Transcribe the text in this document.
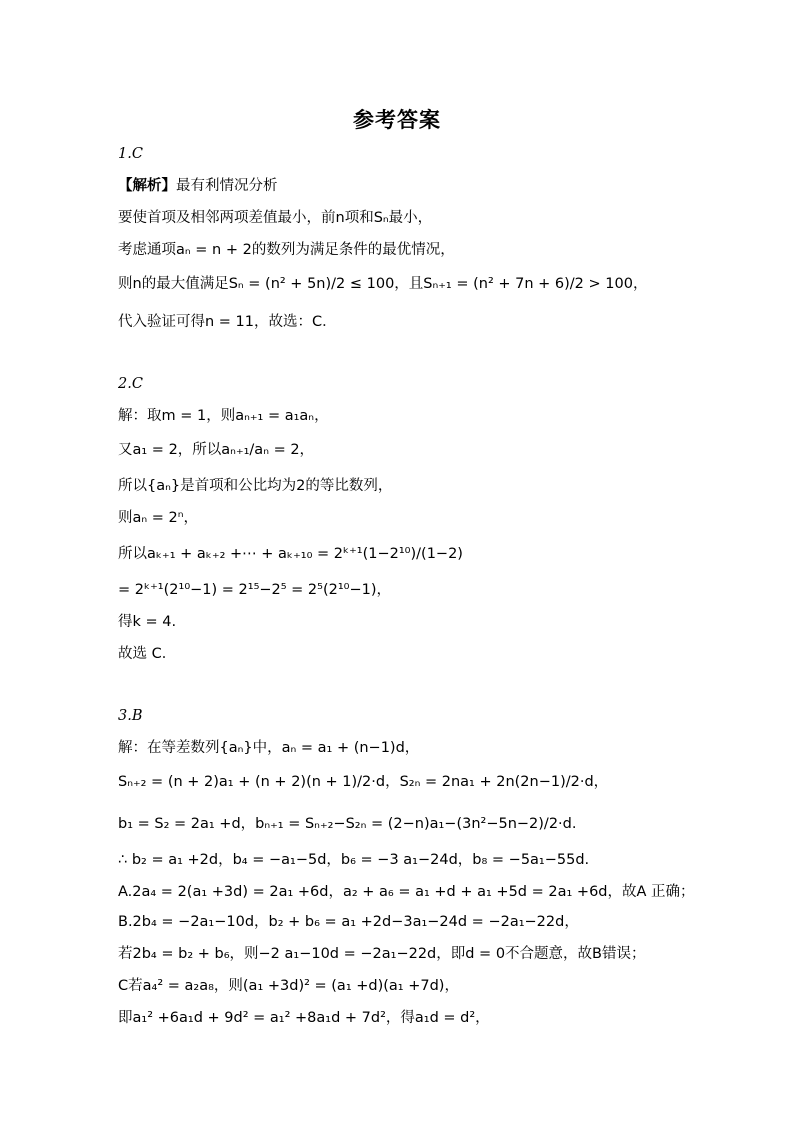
参考答案
1.C
【解析】最有利情况分析
要使首项及相邻两项差值最小，前n项和Sₙ最小，
考虑通项aₙ = n + 2的数列为满足条件的最优情况，
则n的最大值满足Sₙ = (n² + 5n)/2 ≤ 100，且Sₙ₊₁ = (n² + 7n + 6)/2 > 100，
代入验证可得n = 11，故选：C．
2.C
解：取m = 1，则aₙ₊₁ = a₁aₙ，
又a₁ = 2，所以aₙ₊₁/aₙ = 2，
所以{aₙ}是首项和公比均为2的等比数列，
则aₙ = 2ⁿ，
所以aₖ₊₁ + aₖ₊₂ +⋯ + aₖ₊₁₀ = 2ᵏ⁺¹(1−2¹⁰)/(1−2)
= 2ᵏ⁺¹(2¹⁰−1) = 2¹⁵−2⁵ = 2⁵(2¹⁰−1)，
得k = 4.
故选 C．
3.B
解：在等差数列{aₙ}中，aₙ = a₁ + (n−1)d，
Sₙ₊₂ = (n + 2)a₁ + (n + 2)(n + 1)/2·d，S₂ₙ = 2na₁ + 2n(2n−1)/2·d，
b₁ = S₂ = 2a₁ +d，bₙ₊₁ = Sₙ₊₂−S₂ₙ = (2−n)a₁−(3n²−5n−2)/2·d.
∴ b₂ = a₁ +2d，b₄ = −a₁−5d，b₆ = −3 a₁−24d，b₈ = −5a₁−55d.
A.2a₄ = 2(a₁ +3d) = 2a₁ +6d，a₂ + a₆ = a₁ +d + a₁ +5d = 2a₁ +6d，故A 正确；
B.2b₄ = −2a₁−10d，b₂ + b₆ = a₁ +2d−3a₁−24d = −2a₁−22d，
若2b₄ = b₂ + b₆，则−2 a₁−10d = −2a₁−22d，即d = 0不合题意，故B错误；
C若a₄² = a₂a₈，则(a₁ +3d)² = (a₁ +d)(a₁ +7d)，
即a₁² +6a₁d + 9d² = a₁² +8a₁d + 7d²，得a₁d = d²，
